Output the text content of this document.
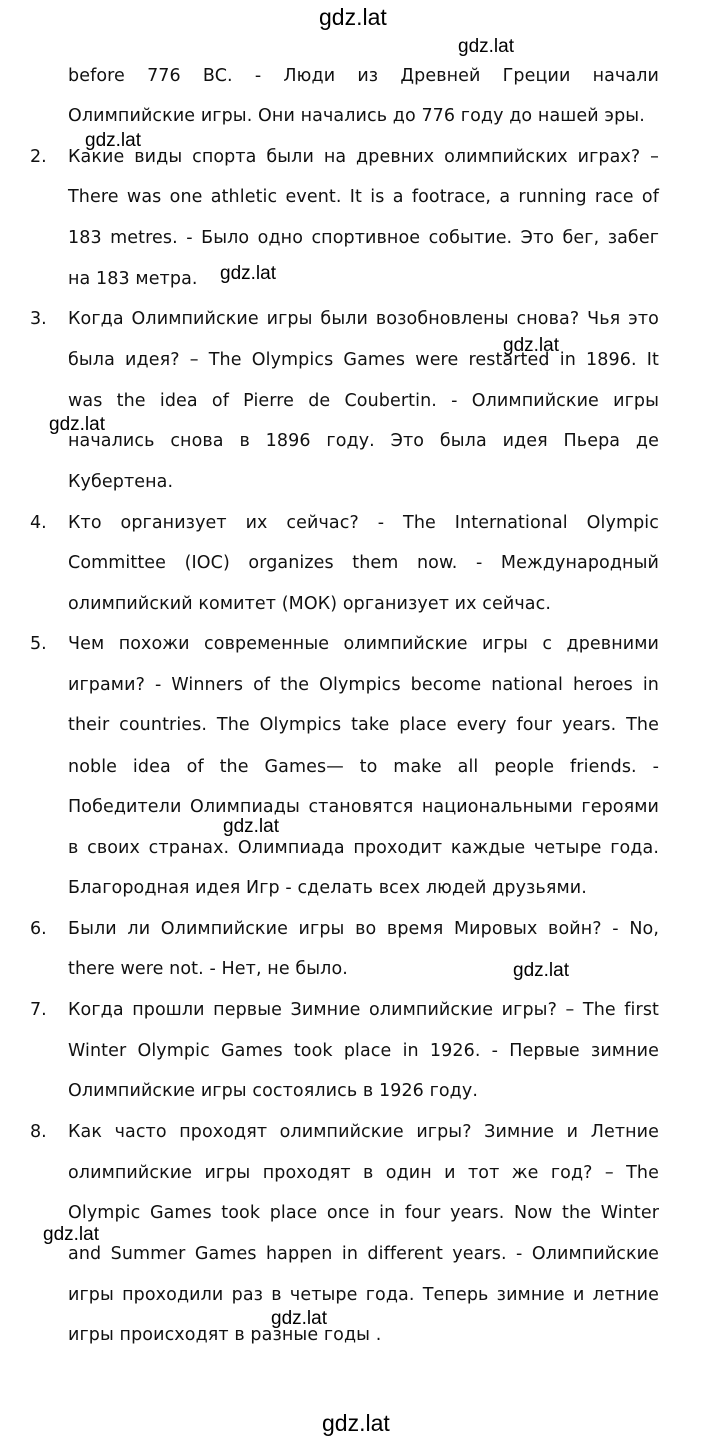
gdz.lat
gdz.lat
gdz.lat
gdz.lat
gdz.lat
gdz.lat
gdz.lat
gdz.lat
gdz.lat
gdz.lat
gdz.lat
before 776 BC. - Люди из Древней Греции начали
Олимпийские игры. Они начались до 776 году до нашей эры.
2. Какие виды спорта были на древних олимпийских играх? –
There was one athletic event. It is a footrace, a running race of
183 metres. - Было одно спортивное событие. Это бег, забег
на 183 метра.
3. Когда Олимпийские игры были возобновлены снова? Чья это
была идея? – The Olympics Games were restarted in 1896. It
was the idea of Pierre de Coubertin. - Олимпийские игры
начались снова в 1896 году. Это была идея Пьера де
Кубертена.
4. Кто организует их сейчас? - The International Olympic
Committee (IOC) organizes them now. - Международный
олимпийский комитет (МОК) организует их сейчас.
5. Чем похожи современные олимпийские игры с древними
играми? - Winners of the Olympics become national heroes in
their countries. The Olympics take place every four years. The
noble idea of the Games— to make all people friends. -
Победители Олимпиады становятся национальными героями
в своих странах. Олимпиада проходит каждые четыре года.
Благородная идея Игр - сделать всех людей друзьями.
6. Были ли Олимпийские игры во время Мировых войн? - No,
there were not. - Нет, не было.
7. Когда прошли первые Зимние олимпийские игры? – The first
Winter Olympic Games took place in 1926. - Первые зимние
Олимпийские игры состоялись в 1926 году.
8. Как часто проходят олимпийские игры? Зимние и Летние
олимпийские игры проходят в один и тот же год? – The
Olympic Games took place once in four years. Now the Winter
and Summer Games happen in different years. - Олимпийские
игры проходили раз в четыре года. Теперь зимние и летние
игры происходят в разные годы .
